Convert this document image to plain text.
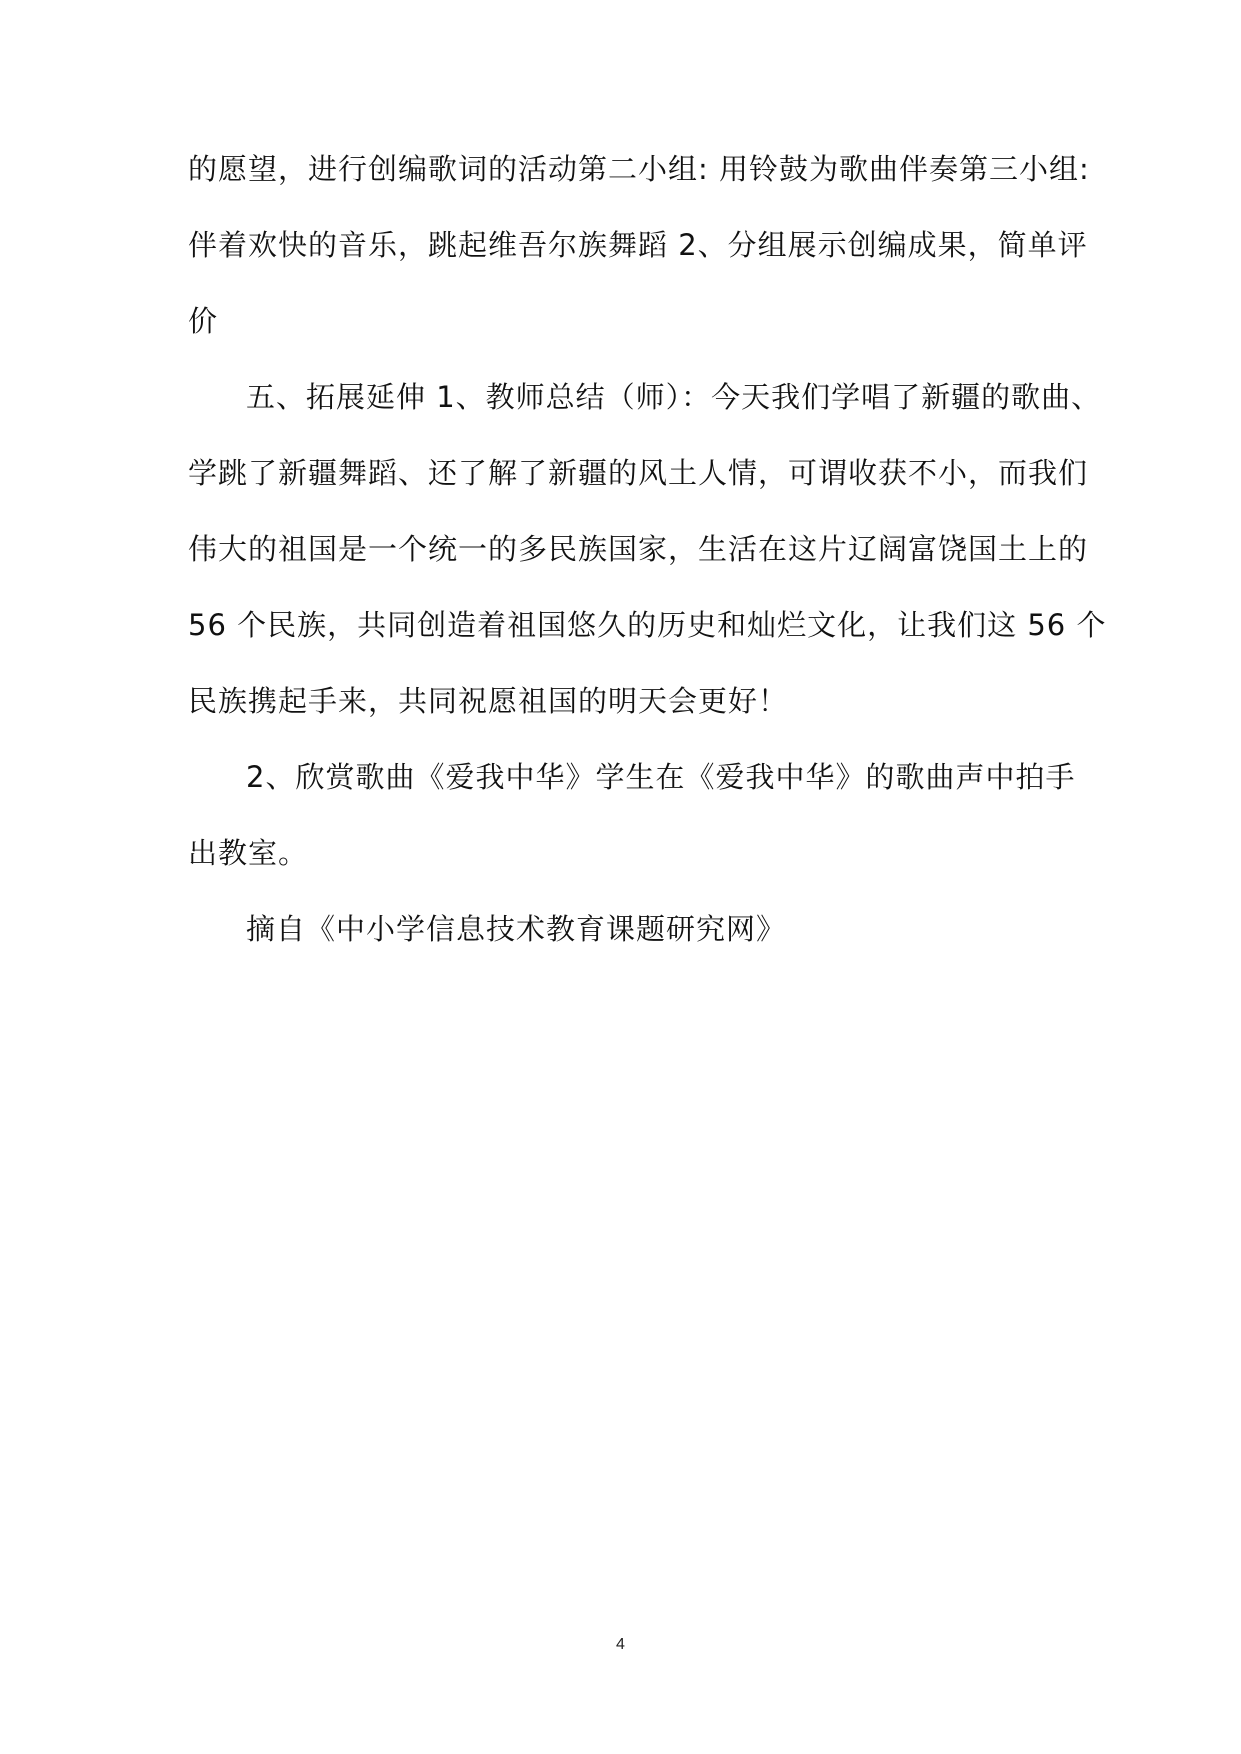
的愿望，进行创编歌词的活动第二小组: 用铃鼓为歌曲伴奏第三小组:
伴着欢快的音乐，跳起维吾尔族舞蹈 2、分组展示创编成果，简单评
价
五、拓展延伸 1、教师总结（师）：今天我们学唱了新疆的歌曲、
学跳了新疆舞蹈、还了解了新疆的风土人情，可谓收获不小，而我们
伟大的祖国是一个统一的多民族国家，生活在这片辽阔富饶国土上的
56 个民族，共同创造着祖国悠久的历史和灿烂文化，让我们这 56 个
民族携起手来，共同祝愿祖国的明天会更好！
2、欣赏歌曲《爱我中华》学生在《爱我中华》的歌曲声中拍手
出教室。
摘自《中小学信息技术教育课题研究网》
4
